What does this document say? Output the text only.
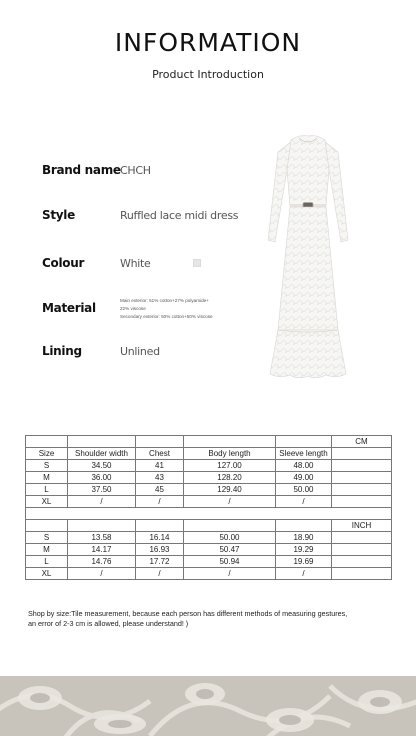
INFORMATION
Product Introduction
Brand name CHCH
Style	Ruffled lace midi dress
Colour	White
Material
Main exterior: 51% cotton+27% polyamide+
22% viscose
Secondary exterior: 50% cotton+50% viscose
Lining	Unlined
					CM
Size	Shoulder width	Chest	Body length	Sleeve length	
S	34.50	41	127.00	48.00	
M	36.00	43	128.20	49.00	
L	37.50	45	129.40	50.00	
XL	/	/	/	/	

					INCH
S	13.58	16.14	50.00	18.90	
M	14.17	16.93	50.47	19.29	
L	14.76	17.72	50.94	19.69	
XL	/	/	/	/	
Shop by size:Tile measurement, because each person has different methods of measuring gestures,
an error of 2-3 cm is allowed, please understand! )
